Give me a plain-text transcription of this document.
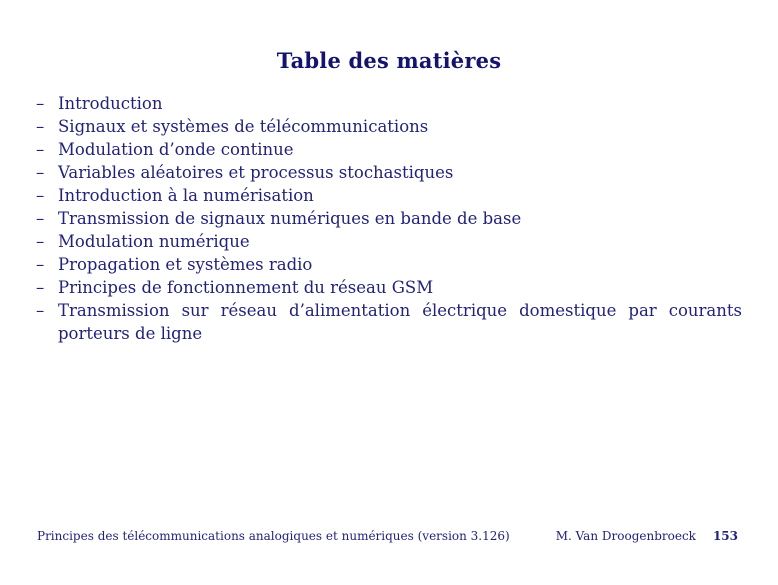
Table des matières
– Introduction
– Signaux et systèmes de télécommunications
– Modulation d’onde continue
– Variables aléatoires et processus stochastiques
– Introduction à la numérisation
– Transmission de signaux numériques en bande de base
– Modulation numérique
– Propagation et systèmes radio
– Principes de fonctionnement du réseau GSM
– Transmission sur réseau d’alimentation électrique domestique par courants porteurs de ligne
Principes des télécommunications analogiques et numériques (version 3.126)	M. Van Droogenbroeck 153
